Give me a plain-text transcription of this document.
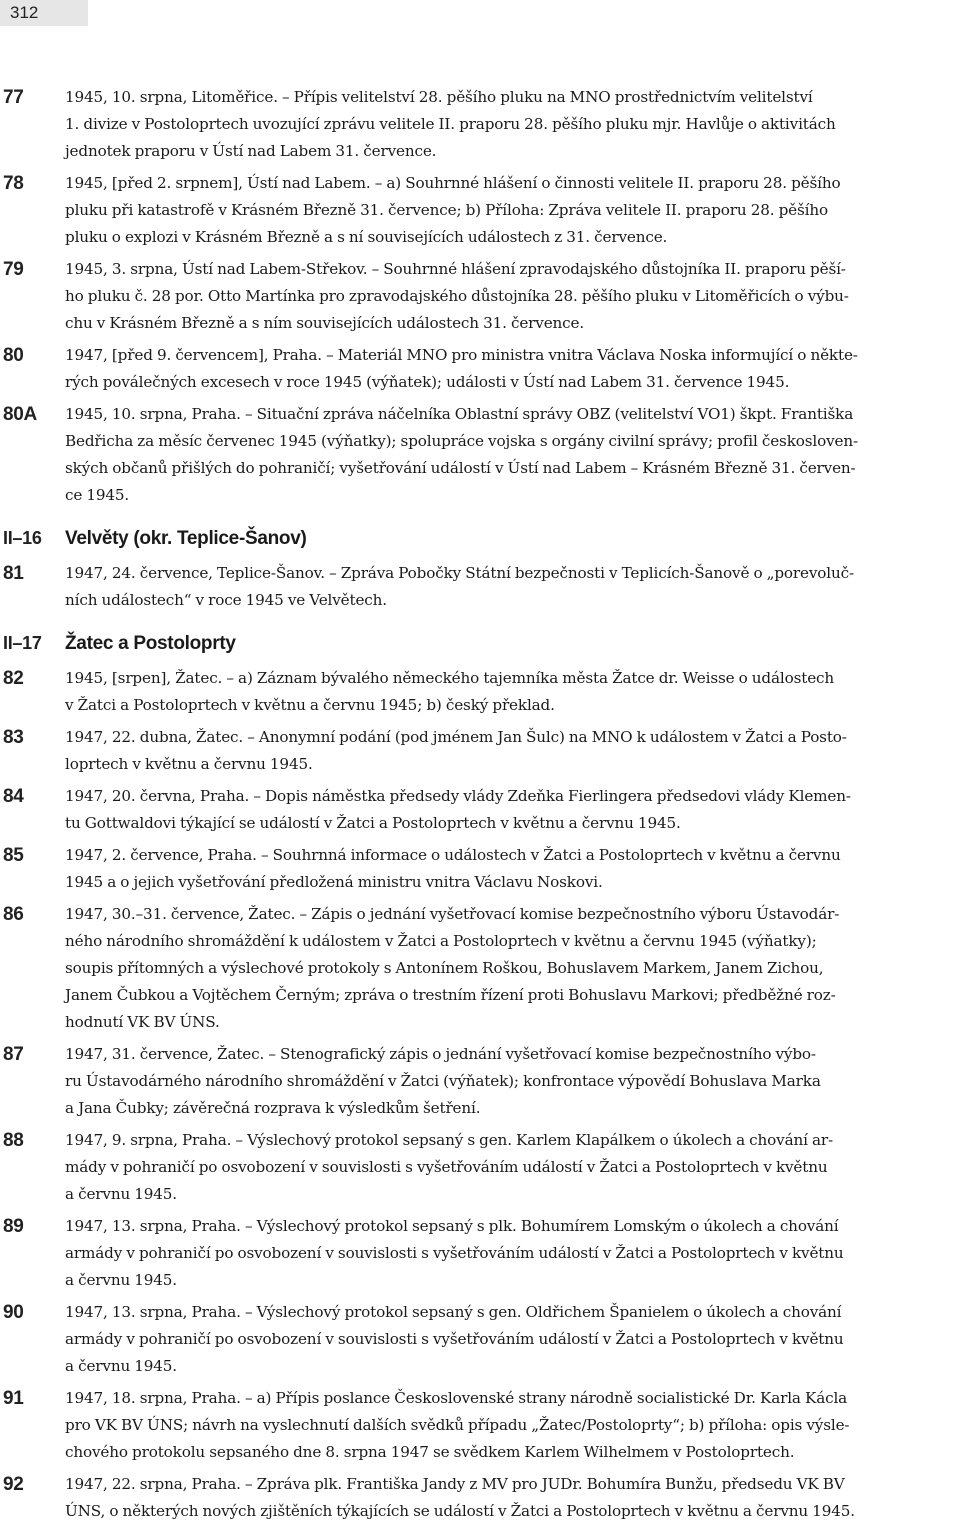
312
77	1945, 10. srpna, Litoměřice. – Přípis velitelství 28. pěšího pluku na MNO prostřednictvím velitelství
1. divize v Postoloprtech uvozující zprávu velitele II. praporu 28. pěšího pluku mjr. Havlůje o aktivitách
jednotek praporu v Ústí nad Labem 31. července.
78	1945, [před 2. srpnem], Ústí nad Labem. – a) Souhrnné hlášení o činnosti velitele II. praporu 28. pěšího
pluku při katastrofě v Krásném Březně 31. července; b) Příloha: Zpráva velitele II. praporu 28. pěšího
pluku o explozi v Krásném Březně a s ní souvisejících událostech z 31. července.
79	1945, 3. srpna, Ústí nad Labem-Střekov. – Souhrnné hlášení zpravodajského důstojníka II. praporu pěší-
ho pluku č. 28 por. Otto Martínka pro zpravodajského důstojníka 28. pěšího pluku v Litoměřicích o výbu-
chu v Krásném Březně a s ním souvisejících událostech 31. července.
80	1947, [před 9. červencem], Praha. – Materiál MNO pro ministra vnitra Václava Noska informující o někte-
rých poválečných excesech v roce 1945 (výňatek); události v Ústí nad Labem 31. července 1945.
80A 1945, 10. srpna, Praha. – Situační zpráva náčelníka Oblastní správy OBZ (velitelství VO1) škpt. Františka
Bedřicha za měsíc červenec 1945 (výňatky); spolupráce vojska s orgány civilní správy; profil českosloven-
ských občanů přišlých do pohraničí; vyšetřování událostí v Ústí nad Labem – Krásném Březně 31. červen-
ce 1945.
II–16 Velvěty (okr. Teplice-Šanov)
81	1947, 24. července, Teplice-Šanov. – Zpráva Pobočky Státní bezpečnosti v Teplicích-Šanově o „porevoluč-
ních událostech“ v roce 1945 ve Velvětech.
II–17 Žatec a Postoloprty
82	1945, [srpen], Žatec. – a) Záznam bývalého německého tajemníka města Žatce dr. Weisse o událostech
v Žatci a Postoloprtech v květnu a červnu 1945; b) český překlad.
83	1947, 22. dubna, Žatec. – Anonymní podání (pod jménem Jan Šulc) na MNO k událostem v Žatci a Posto-
loprtech v květnu a červnu 1945.
84	1947, 20. června, Praha. – Dopis náměstka předsedy vlády Zdeňka Fierlingera předsedovi vlády Klemen-
tu Gottwaldovi týkající se událostí v Žatci a Postoloprtech v květnu a červnu 1945.
85	1947, 2. července, Praha. – Souhrnná informace o událostech v Žatci a Postoloprtech v květnu a červnu
1945 a o jejich vyšetřování předložená ministru vnitra Václavu Noskovi.
86	1947, 30.–31. července, Žatec. – Zápis o jednání vyšetřovací komise bezpečnostního výboru Ústavodár-
ného národního shromáždění k událostem v Žatci a Postoloprtech v květnu a červnu 1945 (výňatky);
soupis přítomných a výslechové protokoly s Antonínem Roškou, Bohuslavem Markem, Janem Zichou,
Janem Čubkou a Vojtěchem Černým; zpráva o trestním řízení proti Bohuslavu Markovi; předběžné roz-
hodnutí VK BV ÚNS.
87	1947, 31. července, Žatec. – Stenografický zápis o jednání vyšetřovací komise bezpečnostního výbo-
ru Ústavodárného národního shromáždění v Žatci (výňatek); konfrontace výpovědí Bohuslava Marka
a Jana Čubky; závěrečná rozprava k výsledkům šetření.
88	1947, 9. srpna, Praha. – Výslechový protokol sepsaný s gen. Karlem Klapálkem o úkolech a chování ar-
mády v pohraničí po osvobození v souvislosti s vyšetřováním událostí v Žatci a Postoloprtech v květnu
a červnu 1945.
89	1947, 13. srpna, Praha. – Výslechový protokol sepsaný s plk. Bohumírem Lomským o úkolech a chování
armády v pohraničí po osvobození v souvislosti s vyšetřováním událostí v Žatci a Postoloprtech v květnu
a červnu 1945.
90	1947, 13. srpna, Praha. – Výslechový protokol sepsaný s gen. Oldřichem Španielem o úkolech a chování
armády v pohraničí po osvobození v souvislosti s vyšetřováním událostí v Žatci a Postoloprtech v květnu
a červnu 1945.
91	1947, 18. srpna, Praha. – a) Přípis poslance Československé strany národně socialistické Dr. Karla Kácla
pro VK BV ÚNS; návrh na vyslechnutí dalších svědků případu „Žatec/Postoloprty“; b) příloha: opis výsle-
chového protokolu sepsaného dne 8. srpna 1947 se svědkem Karlem Wilhelmem v Postoloprtech.
92	1947, 22. srpna, Praha. – Zpráva plk. Františka Jandy z MV pro JUDr. Bohumíra Bunžu, předsedu VK BV
ÚNS, o některých nových zjištěních týkajících se událostí v Žatci a Postoloprtech v květnu a červnu 1945.
